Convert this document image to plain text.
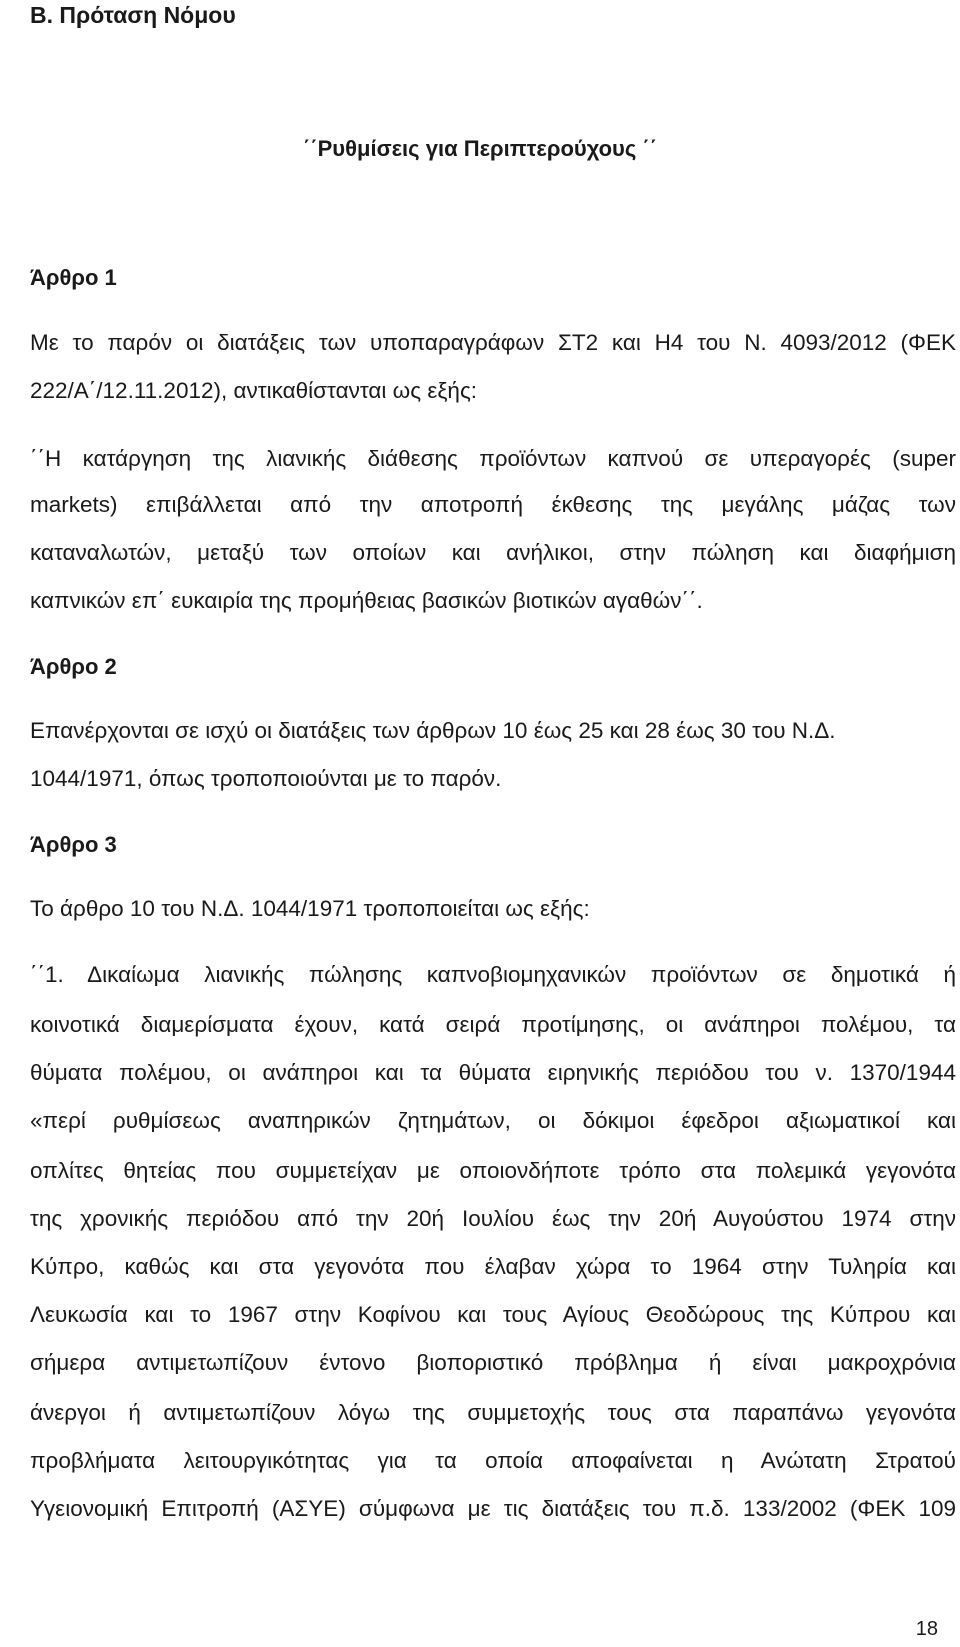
Β. Πρόταση Νόμου
΄΄Ρυθμίσεις για Περιπτερούχους ΄΄
Άρθρο 1
Με το παρόν οι διατάξεις των υποπαραγράφων ΣΤ2 και Η4 του Ν. 4093/2012 (ΦΕΚ
222/Α΄/12.11.2012), αντικαθίστανται ως εξής:
΄΄Η κατάργηση της λιανικής διάθεσης προϊόντων καπνού σε υπεραγορές (super
markets) επιβάλλεται από την αποτροπή έκθεσης της μεγάλης μάζας των
καταναλωτών, μεταξύ των οποίων και ανήλικοι, στην πώληση και διαφήμιση
καπνικών επ΄ ευκαιρία της προμήθειας βασικών βιοτικών αγαθών΄΄.
Άρθρο 2
Επανέρχονται σε ισχύ οι διατάξεις των άρθρων 10 έως 25 και 28 έως 30 του Ν.Δ.
1044/1971, όπως τροποποιούνται με το παρόν.
Άρθρο 3
Το άρθρο 10 του Ν.Δ. 1044/1971 τροποποιείται ως εξής:
΄΄1. Δικαίωμα λιανικής πώλησης καπνοβιομηχανικών προϊόντων σε δημοτικά ή
κοινοτικά διαμερίσματα έχουν, κατά σειρά προτίμησης, οι ανάπηροι πολέμου, τα
θύματα πολέμου, οι ανάπηροι και τα θύματα ειρηνικής περιόδου του ν. 1370/1944
«περί ρυθμίσεως αναπηρικών ζητημάτων, οι δόκιμοι έφεδροι αξιωματικοί και
οπλίτες θητείας που συμμετείχαν με οποιονδήποτε τρόπο στα πολεμικά γεγονότα
της χρονικής περιόδου από την 20ή Ιουλίου έως την 20ή Αυγούστου 1974 στην
Κύπρο, καθώς και στα γεγονότα που έλαβαν χώρα το 1964 στην Τυληρία και
Λευκωσία και το 1967 στην Κοφίνου και τους Αγίους Θεοδώρους της Κύπρου και
σήμερα αντιμετωπίζουν έντονο βιοποριστικό πρόβλημα ή είναι μακροχρόνια
άνεργοι ή αντιμετωπίζουν λόγω της συμμετοχής τους στα παραπάνω γεγονότα
προβλήματα λειτουργικότητας για τα οποία αποφαίνεται η Ανώτατη Στρατού
Υγειονομική Επιτροπή (ΑΣΥΕ) σύμφωνα με τις διατάξεις του π.δ. 133/2002 (ΦΕΚ 109
18
